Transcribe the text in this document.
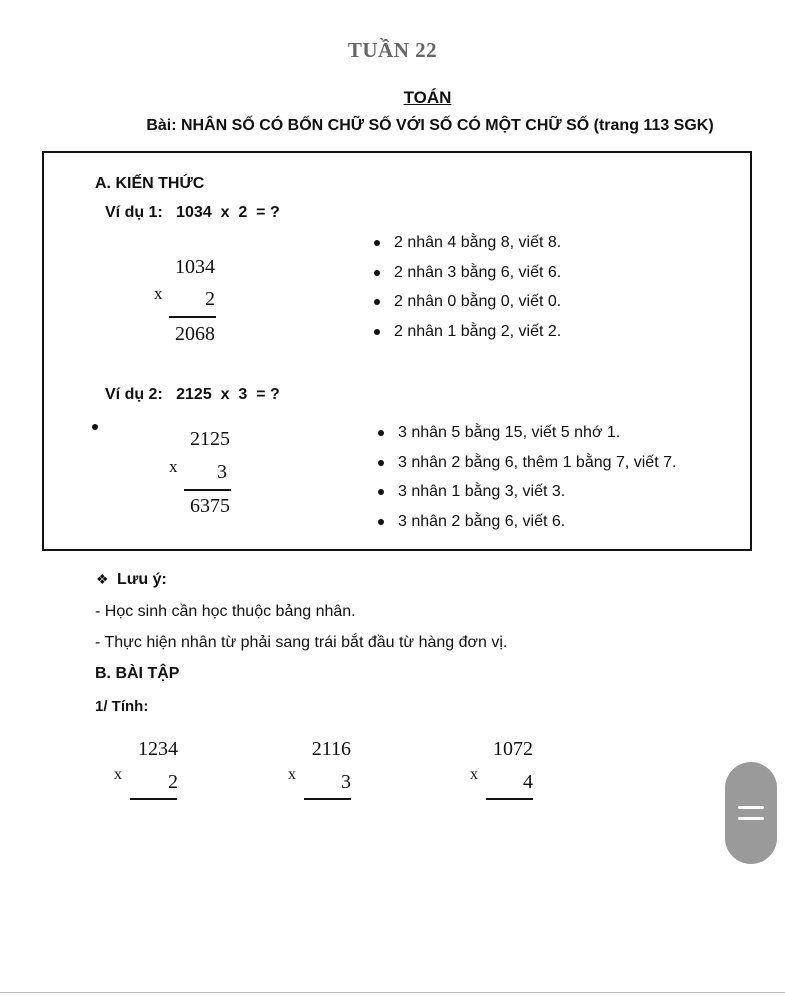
TUẦN 22
TOÁN
Bài: NHÂN SỐ CÓ BỐN CHỮ SỐ VỚI SỐ CÓ MỘT CHỮ SỐ (trang 113 SGK)
A. KIẾN THỨC
Ví dụ 1:   1034  x  2  = ?
1034
x	2
2068
2 nhân 4 bằng 8, viết 8.
2 nhân 3 bằng 6, viết 6.
2 nhân 0 bằng 0, viết 0.
2 nhân 1 bằng 2, viết 2.
Ví dụ 2:   2125  x  3  = ?
2125
x	3
6375
3 nhân 5 bằng 15, viết 5 nhớ 1.
3 nhân 2 bằng 6, thêm 1 bằng 7, viết 7.
3 nhân 1 bằng 3, viết 3.
3 nhân 2 bằng 6, viết 6.
❖ Lưu ý:
- Học sinh cần học thuộc bảng nhân.
- Thực hiện nhân từ phải sang trái bắt đầu từ hàng đơn vị.
B. BÀI TẬP
1/ Tính:
1234
x	2
2116
x	3
1072
x	4
